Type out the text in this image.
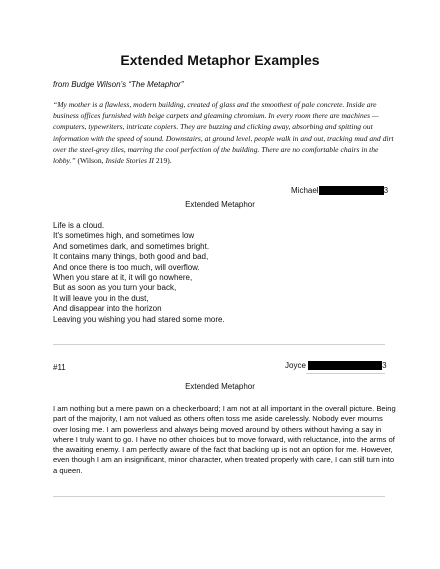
Extended Metaphor Examples
from Budge Wilson’s “The Metaphor”
“My mother is a flawless, modern building, created of glass and the smoothest of pale concrete. Inside are business offices furnished with beige carpets and gleaming chromium. In every room there are machines — computers, typewriters, intricate copiers. They are buzzing and clicking away, absorbing and spitting out information with the speed of sound. Downstairs, at ground level, people walk in and out, tracking mud and dirt over the steel-grey tiles, marring the cool perfection of the building. There are no comfortable chairs in the lobby.” (Wilson, Inside Stories II 219).
Michael	3
Extended Metaphor
Life is a cloud.
It's sometimes high, and sometimes low
And sometimes dark, and sometimes bright.
It contains many things, both good and bad,
And once there is too much, will overflow.
When you stare at it, it will go nowhere,
But as soon as you turn your back,
It will leave you in the dust,
And disappear into the horizon
Leaving you wishing you had stared some more.
#11	Joyce	3
Extended Metaphor
I am nothing but a mere pawn on a checkerboard; I am not at all important in the overall picture. Being part of the majority, I am not valued as others often toss me aside carelessly. Nobody ever mourns over losing me. I am powerless and always being moved around by others without having a say in where I truly want to go. I have no other choices but to move forward, with reluctance, into the arms of the awaiting enemy. I am perfectly aware of the fact that backing up is not an option for me. However, even though I am an insignificant, minor character, when treated properly with care, I can still turn into a queen.
